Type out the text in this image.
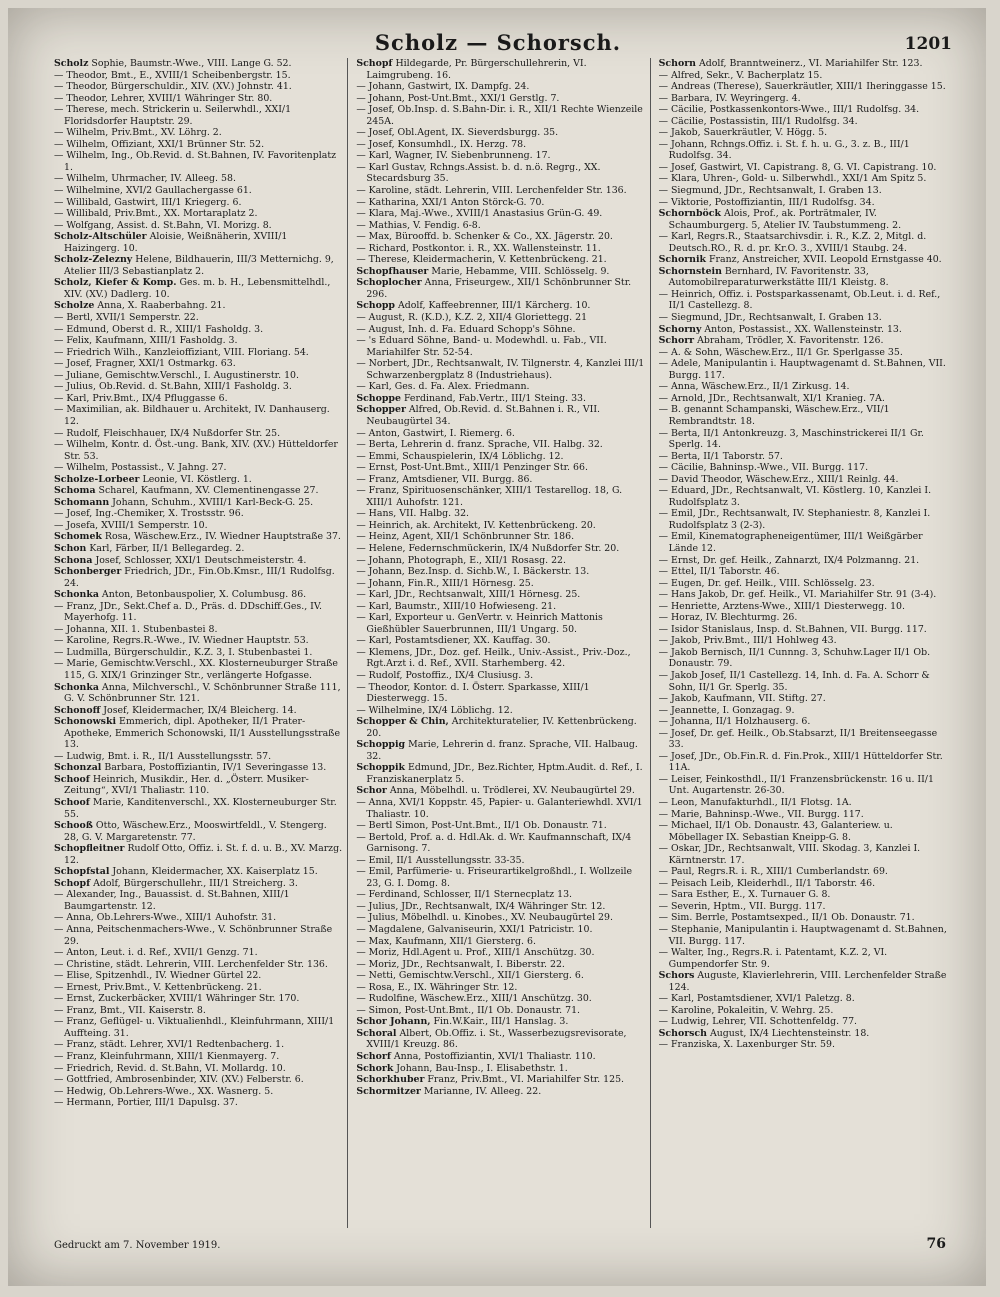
Scholz — Schorsch.	1201

Scholz Sophie, Baumstr.-Wwe., VIII. Lange G. 52.

— Theodor, Bmt., E., XVIII/1 Scheibenbergstr. 15.

— Theodor, Bürgerschuldir., XIV. (XV.) Johnstr. 41.

— Theodor, Lehrer, XVIII/1 Währinger Str. 80.

— Therese, mech. Strickerin u. Seilerwhdl., XXI/1 Floridsdorfer Hauptstr. 29.

— Wilhelm, Priv.Bmt., XV. Löhrg. 2.

— Wilhelm, Offiziant, XXI/1 Brünner Str. 52.

— Wilhelm, Ing., Ob.Revid. d. St.Bahnen, IV. Favoritenplatz 1.

— Wilhelm, Uhrmacher, IV. Alleeg. 58.

— Wilhelmine, XVI/2 Gaullachergasse 61.

— Willibald, Gastwirt, III/1 Kriegerg. 6.

— Willibald, Priv.Bmt., XX. Mortaraplatz 2.

— Wolfgang, Assist. d. St.Bahn, VI. Morizg. 8.

Scholz-Altschüler Aloisie, Weißnäherin, XVIII/1 Haizingerg. 10.

Scholz-Zelezny Helene, Bildhauerin, III/3 Metternichg. 9, Atelier III/3 Sebastianplatz 2.

Scholz, Kiefer & Komp. Ges. m. b. H., Lebensmittelhdl., XIV. (XV.) Dadlerg. 10.

Scholze Anna, X. Raaberbahng. 21.

— Bertl, XVII/1 Semperstr. 22.

— Edmund, Oberst d. R., XIII/1 Fasholdg. 3.

— Felix, Kaufmann, XIII/1 Fasholdg. 3.

— Friedrich Wilh., Kanzleioffiziant, VIII. Floriang. 54.

— Josef, Fragner, XXI/1 Ostmarkg. 63.

— Juliane, Gemischtw.Verschl., I. Augustinerstr. 10.

— Julius, Ob.Revid. d. St.Bahn, XIII/1 Fasholdg. 3.

— Karl, Priv.Bmt., IX/4 Pfluggasse 6.

— Maximilian, ak. Bildhauer u. Architekt, IV. Danhauserg. 12.

— Rudolf, Fleischhauer, IX/4 Nußdorfer Str. 25.

— Wilhelm, Kontr. d. Öst.-ung. Bank, XIV. (XV.) Hütteldorfer Str. 53.

— Wilhelm, Postassist., V. Jahng. 27.

Scholze-Lorbeer Leonie, VI. Köstlerg. 1.

Schoma Scharel, Kaufmann, XV. Clementinengasse 27.

Schomann Johann, Schuhm., XVIII/1 Karl-Beck-G. 25.

— Josef, Ing.-Chemiker, X. Trostsstr. 96.

— Josefa, XVIII/1 Semperstr. 10.

Schomek Rosa, Wäschew.Erz., IV. Wiedner Hauptstraße 37.

Schon Karl, Färber, II/1 Bellegardeg. 2.

Schona Josef, Schlosser, XXI/1 Deutschmeisterstr. 4.

Schonberger Friedrich, JDr., Fin.Ob.Kmsr., III/1 Rudolfsg. 24.

Schonka Anton, Betonbauspolier, X. Columbusg. 86.

— Franz, JDr., Sekt.Chef a. D., Präs. d. DDschiff.Ges., IV. Mayerhofg. 11.

— Johanna, XII. 1. Stubenbastei 8.

— Karoline, Regrs.R.-Wwe., IV. Wiedner Hauptstr. 53.

— Ludmilla, Bürgerschuldir., K.Z. 3, I. Stubenbastei 1.

— Marie, Gemischtw.Verschl., XX. Klosterneuburger Straße 115, G. XIX/1 Grinzinger Str., verlängerte Hofgasse.

Schonka Anna, Milchverschl., V. Schönbrunner Straße 111, G. V. Schönbrunner Str. 121.

Schonoff Josef, Kleidermacher, IX/4 Bleicherg. 14.

Schonowski Emmerich, dipl. Apotheker, II/1 Prater-Apotheke, Emmerich Schonowski, II/1 Ausstellungsstraße 13.

— Ludwig, Bmt. i. R., II/1 Ausstellungsstr. 57.

Schonzal Barbara, Postoffiziantin, IV/1 Severingasse 13.

Schoof Heinrich, Musikdir., Her. d. „Österr. Musiker-Zeitung“, XVI/1 Thaliastr. 110.

Schoof Marie, Kanditenverschl., XX. Klosterneuburger Str. 55.

Schooß Otto, Wäschew.Erz., Mooswirtfeldl., V. Stengerg. 28, G. V. Margaretenstr. 77.

Schopfleitner Rudolf Otto, Offiz. i. St. f. d. u. B., XV. Marzg. 12.

Schopfstal Johann, Kleidermacher, XX. Kaiserplatz 15.

Schopf Adolf, Bürgerschullehr., III/1 Streicherg. 3.

— Alexander, Ing., Bauassist. d. St.Bahnen, XIII/1 Baumgartenstr. 12.

— Anna, Ob.Lehrers-Wwe., XIII/1 Auhofstr. 31.

— Anna, Peitschenmachers-Wwe., V. Schönbrunner Straße 29.

— Anton, Leut. i. d. Ref., XVII/1 Genzg. 71.

— Christine, städt. Lehrerin, VIII. Lerchenfelder Str. 136.

— Elise, Spitzenhdl., IV. Wiedner Gürtel 22.

— Ernest, Priv.Bmt., V. Kettenbrückeng. 21.

— Ernst, Zuckerbäcker, XVIII/1 Währinger Str. 170.

— Franz, Bmt., VII. Kaiserstr. 8.

— Franz, Geflügel- u. Viktualienhdl., Kleinfuhrmann, XIII/1 Auffteing. 31.

— Franz, städt. Lehrer, XVI/1 Redtenbacherg. 1.

— Franz, Kleinfuhrmann, XIII/1 Kienmayerg. 7.

— Friedrich, Revid. d. St.Bahn, VI. Mollardg. 10.

— Gottfried, Ambrosenbinder, XIV. (XV.) Felberstr. 6.

— Hedwig, Ob.Lehrers-Wwe., XX. Wasnerg. 5.

— Hermann, Portier, III/1 Dapulsg. 37.

Schopf Hildegarde, Pr. Bürgerschullehrerin, VI. Laimgrubeng. 16.

— Johann, Gastwirt, IX. Dampfg. 24.

— Johann, Post-Unt.Bmt., XXI/1 Gerstlg. 7.

— Josef, Ob.Insp. d. S.Bahn-Dir. i. R., XII/1 Rechte Wienzeile 245A.

— Josef, Obl.Agent, IX. Sieverdsburgg. 35.

— Josef, Konsumhdl., IX. Herzg. 78.

— Karl, Wagner, IV. Siebenbrunneng. 17.

— Karl Gustav, Rchngs.Assist. b. d. n.ö. Regrg., XX. Stecardsburg 35.

— Karoline, städt. Lehrerin, VIII. Lerchenfelder Str. 136.

— Katharina, XXI/1 Anton Störck-G. 70.

— Klara, Maj.-Wwe., XVIII/1 Anastasius Grün-G. 49.

— Mathias, V. Fendig. 6-8.

— Max, Bürooffd. b. Schenker & Co., XX. Jägerstr. 20.

— Richard, Postkontor. i. R., XX. Wallensteinstr. 11.

— Therese, Kleidermacherin, V. Kettenbrückeng. 21.

Schopfhauser Marie, Hebamme, VIII. Schlösselg. 9.

Schoplocher Anna, Friseurgew., XII/1 Schönbrunner Str. 296.

Schopp Adolf, Kaffeebrenner, III/1 Kärcherg. 10.

— August, R. (K.D.), K.Z. 2, XII/4 Gloriettegg. 21

— August, Inh. d. Fa. Eduard Schopp's Söhne.

— 's Eduard Söhne, Band- u. Modewhdl. u. Fab., VII. Mariahilfer Str. 52-54.

— Norbert, JDr., Rechtsanwalt, IV. Tilgnerstr. 4, Kanzlei III/1 Schwarzenbergplatz 8 (Industriehaus).

— Karl, Ges. d. Fa. Alex. Friedmann.

Schoppe Ferdinand, Fab.Vertr., III/1 Steing. 33.

Schopper Alfred, Ob.Revid. d. St.Bahnen i. R., VII. Neubaugürtel 34.

— Anton, Gastwirt, I. Riemerg. 6.

— Berta, Lehrerin d. franz. Sprache, VII. Halbg. 32.

— Emmi, Schauspielerin, IX/4 Löblichg. 12.

— Ernst, Post-Unt.Bmt., XIII/1 Penzinger Str. 66.

— Franz, Amtsdiener, VII. Burgg. 86.

— Franz, Spirituosenschänker, XIII/1 Testarellog. 18, G. XIII/1 Auhofstr. 121.

— Hans, VII. Halbg. 32.

— Heinrich, ak. Architekt, IV. Kettenbrückeng. 20.

— Heinz, Agent, XII/1 Schönbrunner Str. 186.

— Helene, Federnschmückerin, IX/4 Nußdorfer Str. 20.

— Johann, Photograph, E., XII/1 Rosasg. 22.

— Johann, Bez.Insp. d. Sichb.W., I. Bäckerstr. 13.

— Johann, Fin.R., XIII/1 Hörnesg. 25.

— Karl, JDr., Rechtsanwalt, XIII/1 Hörnesg. 25.

— Karl, Baumstr., XIII/10 Hofwieseng. 21.

— Karl, Exporteur u. GenVertr. v. Heinrich Mattonis Gießhübler Sauerbrunnen, III/1 Ungarg. 50.

— Karl, Postamtsdiener, XX. Kauffag. 30.

— Klemens, JDr., Doz. gef. Heilk., Univ.-Assist., Priv.-Doz., Rgt.Arzt i. d. Ref., XVII. Starhemberg. 42.

— Rudolf, Postoffiz., IX/4 Clusiusg. 3.

— Theodor, Kontor. d. I. Österr. Sparkasse, XIII/1 Diesterwegg. 15.

— Wilhelmine, IX/4 Löblichg. 12.

Schopper & Chin, Architekturatelier, IV. Kettenbrückeng. 20.

Schoppig Marie, Lehrerin d. franz. Sprache, VII. Halbaug. 32.

Schoppik Edmund, JDr., Bez.Richter, Hptm.Audit. d. Ref., I. Franziskanerplatz 5.

Schor Anna, Möbelhdl. u. Trödlerei, XV. Neubaugürtel 29.

— Anna, XVI/1 Koppstr. 45, Papier- u. Galanteriewhdl. XVI/1 Thaliastr. 10.

— Bertl Simon, Post-Unt.Bmt., II/1 Ob. Donaustr. 71.

— Bertold, Prof. a. d. Hdl.Ak. d. Wr. Kaufmannschaft, IX/4 Garnisong. 7.

— Emil, II/1 Ausstellungsstr. 33-35.

— Emil, Parfümerie- u. Friseurartikelgroßhdl., I. Wollzeile 23, G. I. Domg. 8.

— Ferdinand, Schlosser, II/1 Sternecplatz 13.

— Julius, JDr., Rechtsanwalt, IX/4 Währinger Str. 12.

— Julius, Möbelhdl. u. Kinobes., XV. Neubaugürtel 29.

— Magdalene, Galvaniseurin, XXI/1 Patricistr. 10.

— Max, Kaufmann, XII/1 Giersterg. 6.

— Moriz, Hdl.Agent u. Prof., XIII/1 Anschützg. 30.

— Moriz, JDr., Rechtsanwalt, I. Biberstr. 22.

— Netti, Gemischtw.Verschl., XII/1 Giersterg. 6.

— Rosa, E., IX. Währinger Str. 12.

— Rudolfine, Wäschew.Erz., XIII/1 Anschützg. 30.

— Simon, Post-Unt.Bmt., II/1 Ob. Donaustr. 71.

Schor Johann, Fin.W.Kair., III/1 Hanslag. 3.

Schoral Albert, Ob.Offiz. i. St., Wasserbezugsrevisorate, XVIII/1 Kreuzg. 86.

Schorf Anna, Postoffiziantin, XVI/1 Thaliastr. 110.

Schork Johann, Bau-Insp., I. Elisabethstr. 1.

Schorkhuber Franz, Priv.Bmt., VI. Mariahilfer Str. 125.

Schormitzer Marianne, IV. Alleeg. 22.

Schorn Adolf, Branntweinerz., VI. Mariahilfer Str. 123.

— Alfred, Sekr., V. Bacherplatz 15.

— Andreas (Therese), Sauerkräutler, XIII/1 Iheringgasse 15.

— Barbara, IV. Weyringerg. 4.

— Cäcilie, Postkassenkontors-Wwe., III/1 Rudolfsg. 34.

— Cäcilie, Postassistin, III/1 Rudolfsg. 34.

— Jakob, Sauerkräutler, V. Högg. 5.

— Johann, Rchngs.Offiz. i. St. f. h. u. G., 3. z. B., III/1 Rudolfsg. 34.

— Josef, Gastwirt, VI. Capistrang. 8, G. VI. Capistrang. 10.

— Klara, Uhren-, Gold- u. Silberwhdl., XXI/1 Am Spitz 5.

— Siegmund, JDr., Rechtsanwalt, I. Graben 13.

— Viktorie, Postoffiziantin, III/1 Rudolfsg. 34.

Schornböck Alois, Prof., ak. Porträtmaler, IV. Schaumburgerg. 5, Atelier IV. Taubstummeng. 2.

— Karl, Regrs.R., Staatsarchivsdir. i. R., K.Z. 2, Mitgl. d. Deutsch.RO., R. d. pr. Kr.O. 3., XVIII/1 Staubg. 24.

Schornik Franz, Anstreicher, XVII. Leopold Ernstgasse 40.

Schornstein Bernhard, IV. Favoritenstr. 33, Automobilreparaturwerkstätte III/1 Kleistg. 8.

— Heinrich, Offiz. i. Postsparkassenamt, Ob.Leut. i. d. Ref., II/1 Castellezg. 8.

— Siegmund, JDr., Rechtsanwalt, I. Graben 13.

Schorny Anton, Postassist., XX. Wallensteinstr. 13.

Schorr Abraham, Trödler, X. Favoritenstr. 126.

— A. & Sohn, Wäschew.Erz., II/1 Gr. Sperlgasse 35.

— Adele, Manipulantin i. Hauptwagenamt d. St.Bahnen, VII. Burgg. 117.

— Anna, Wäschew.Erz., II/1 Zirkusg. 14.

— Arnold, JDr., Rechtsanwalt, XI/1 Kranieg. 7A.

— B. genannt Schampanski, Wäschew.Erz., VII/1 Rembrandtstr. 18.

— Berta, II/1 Antonkreuzg. 3, Maschinstrickerei II/1 Gr. Sperlg. 14.

— Berta, II/1 Taborstr. 57.

— Cäcilie, Bahninsp.-Wwe., VII. Burgg. 117.

— David Theodor, Wäschew.Erz., XIII/1 Reinlg. 44.

— Eduard, JDr., Rechtsanwalt, VI. Köstlerg. 10, Kanzlei I. Rudolfsplatz 3.

— Emil, JDr., Rechtsanwalt, IV. Stephaniestr. 8, Kanzlei I. Rudolfsplatz 3 (2-3).

— Emil, Kinematographeneigentümer, III/1 Weißgärber Lände 12.

— Ernst, Dr. gef. Heilk., Zahnarzt, IX/4 Polzmanng. 21.

— Ettel, II/1 Taborstr. 46.

— Eugen, Dr. gef. Heilk., VIII. Schlösselg. 23.

— Hans Jakob, Dr. gef. Heilk., VI. Mariahilfer Str. 91 (3-4).

— Henriette, Arztens-Wwe., XIII/1 Diesterwegg. 10.

— Horaz, IV. Blechturmg. 26.

— Isidor Stanislaus, Insp. d. St.Bahnen, VII. Burgg. 117.

— Jakob, Priv.Bmt., III/1 Hohlweg 43.

— Jakob Bernisch, II/1 Cunnng. 3, Schuhw.Lager II/1 Ob. Donaustr. 79.

— Jakob Josef, II/1 Castellezg. 14, Inh. d. Fa. A. Schorr & Sohn, II/1 Gr. Sperlg. 35.

— Jakob, Kaufmann, VII. Stiftg. 27.

— Jeannette, I. Gonzagag. 9.

— Johanna, II/1 Holzhauserg. 6.

— Josef, Dr. gef. Heilk., Ob.Stabsarzt, II/1 Breitenseegasse 33.

— Josef, JDr., Ob.Fin.R. d. Fin.Prok., XIII/1 Hütteldorfer Str. 11A.

— Leiser, Feinkosthdl., II/1 Franzensbrückenstr. 16 u. II/1 Unt. Augartenstr. 26-30.

— Leon, Manufakturhdl., II/1 Flotsg. 1A.

— Marie, Bahninsp.-Wwe., VII. Burgg. 117.

— Michael, II/1 Ob. Donaustr. 43, Galanteriew. u. Möbellager IX. Sebastian Kneipp-G. 8.

— Oskar, JDr., Rechtsanwalt, VIII. Skodag. 3, Kanzlei I. Kärntnerstr. 17.

— Paul, Regrs.R. i. R., XIII/1 Cumberlandstr. 69.

— Peisach Leib, Kleiderhdl., II/1 Taborstr. 46.

— Sara Esther, E., X. Turnauer G. 8.

— Severin, Hptm., VII. Burgg. 117.

— Sim. Berrle, Postamtsexped., II/1 Ob. Donaustr. 71.

— Stephanie, Manipulantin i. Hauptwagenamt d. St.Bahnen, VII. Burgg. 117.

— Walter, Ing., Regrs.R. i. Patentamt, K.Z. 2, VI. Gumpendorfer Str. 9.

Schors Auguste, Klavierlehrerin, VIII. Lerchenfelder Straße 124.

— Karl, Postamtsdiener, XVI/1 Paletzg. 8.

— Karoline, Pokaleitin, V. Wehrg. 25.

— Ludwig, Lehrer, VII. Schottenfeldg. 77.

Schorsch August, IX/4 Liechtensteinstr. 18.

— Franziska, X. Laxenburger Str. 59.

Gedruckt am 7. November 1919.	76
